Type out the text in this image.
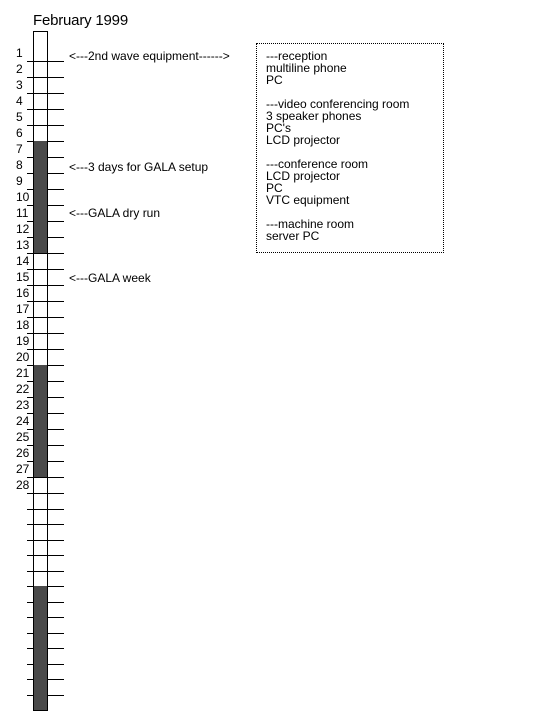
February 1999
1
2
3
4
5
6
7
8
9
10
11
12
13
14
15
16
17
18
19
20
21
22
23
24
25
26
27
28
<---2nd wave equipment------>
<---3 days for GALA setup
<---GALA dry run
<---GALA week
---reception
multiline phone
PC
---video conferencing room
3 speaker phones
PC's
LCD projector
---conference room
LCD projector
PC
VTC equipment
---machine room
server PC
